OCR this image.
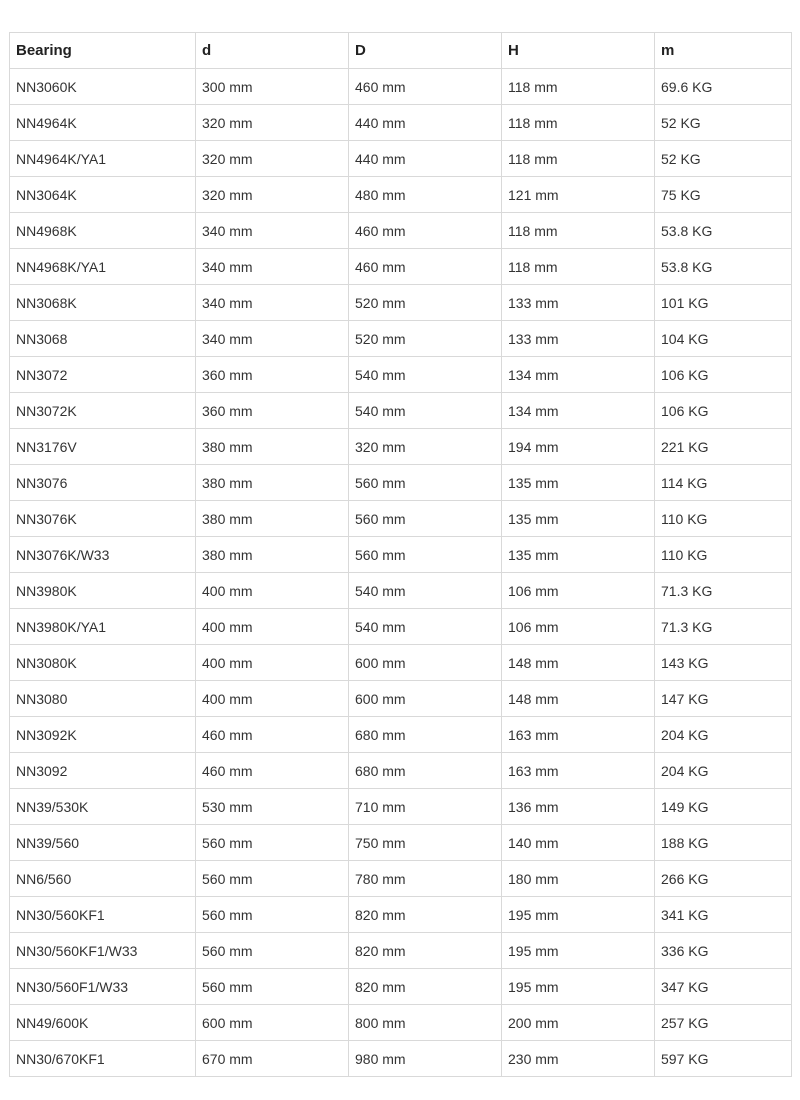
Bearing	d	D	H	m
NN3060K	300 mm	460 mm	118 mm	69.6 KG
NN4964K	320 mm	440 mm	118 mm	52 KG
NN4964K/YA1	320 mm	440 mm	118 mm	52 KG
NN3064K	320 mm	480 mm	121 mm	75 KG
NN4968K	340 mm	460 mm	118 mm	53.8 KG
NN4968K/YA1	340 mm	460 mm	118 mm	53.8 KG
NN3068K	340 mm	520 mm	133 mm	101 KG
NN3068	340 mm	520 mm	133 mm	104 KG
NN3072	360 mm	540 mm	134 mm	106 KG
NN3072K	360 mm	540 mm	134 mm	106 KG
NN3176V	380 mm	320 mm	194 mm	221 KG
NN3076	380 mm	560 mm	135 mm	114 KG
NN3076K	380 mm	560 mm	135 mm	110 KG
NN3076K/W33	380 mm	560 mm	135 mm	110 KG
NN3980K	400 mm	540 mm	106 mm	71.3 KG
NN3980K/YA1	400 mm	540 mm	106 mm	71.3 KG
NN3080K	400 mm	600 mm	148 mm	143 KG
NN3080	400 mm	600 mm	148 mm	147 KG
NN3092K	460 mm	680 mm	163 mm	204 KG
NN3092	460 mm	680 mm	163 mm	204 KG
NN39/530K	530 mm	710 mm	136 mm	149 KG
NN39/560	560 mm	750 mm	140 mm	188 KG
NN6/560	560 mm	780 mm	180 mm	266 KG
NN30/560KF1	560 mm	820 mm	195 mm	341 KG
NN30/560KF1/W33	560 mm	820 mm	195 mm	336 KG
NN30/560F1/W33	560 mm	820 mm	195 mm	347 KG
NN49/600K	600 mm	800 mm	200 mm	257 KG
NN30/670KF1	670 mm	980 mm	230 mm	597 KG
